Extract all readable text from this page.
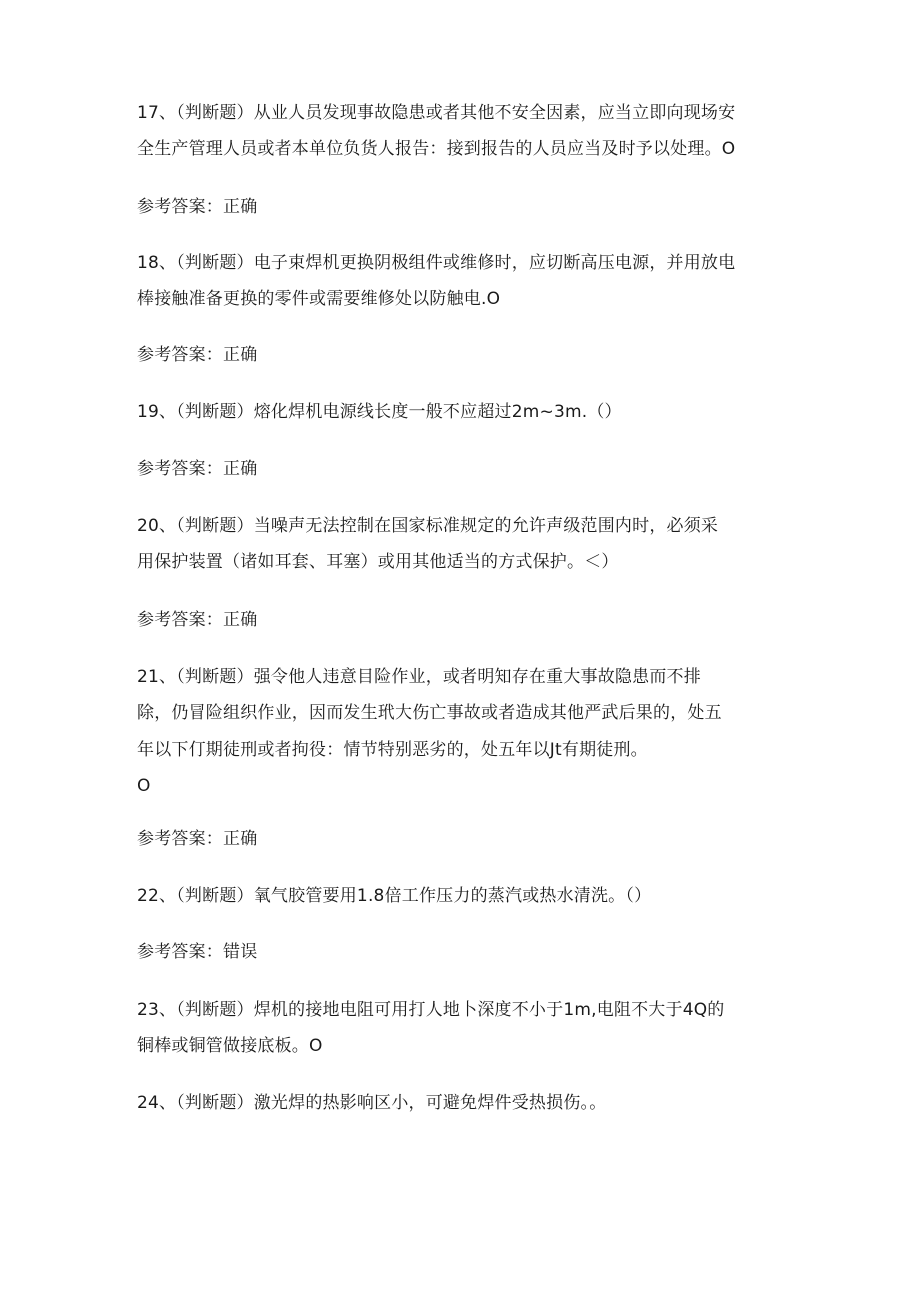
17、（判断题）从业人员发现事故隐患或者其他不安全因素，应当立即向现场安
全生产管理人员或者本单位负货人报告：接到报告的人员应当及时予以处理。O
参考答案：正确
18、（判断题）电子束焊机更换阴极组件或维修时，应切断高压电源，并用放电
棒接触准备更换的零件或需要维修处以防触电.O
参考答案：正确
19、（判断题）熔化焊机电源线长度一般不应超过2m~3m.（）
参考答案：正确
20、（判断题）当噪声无法控制在国家标准规定的允许声级范围内时，必须采
用保护装置（诸如耳套、耳塞）或用其他适当的方式保护。＜）
参考答案：正确
21、（判断题）强令他人违意目险作业，或者明知存在重大事故隐患而不排
除，仍冒险组织作业，因而发生玳大伤亡事故或者造成其他严武后果的，处五
年以下仃期徒刑或者拘役：情节特别恶劣的，处五年以Jt有期徒刑。
O
参考答案：正确
22、（判断题）氧气胶管要用1.8倍工作压力的蒸汽或热水清洗。（）
参考答案：错误
23、（判断题）焊机的接地电阻可用打人地卜深度不小于1m,电阻不大于4Q的
铜棒或铜管做接底板。O
24、（判断题）激光焊的热影响区小，可避免焊件受热损伤。。
